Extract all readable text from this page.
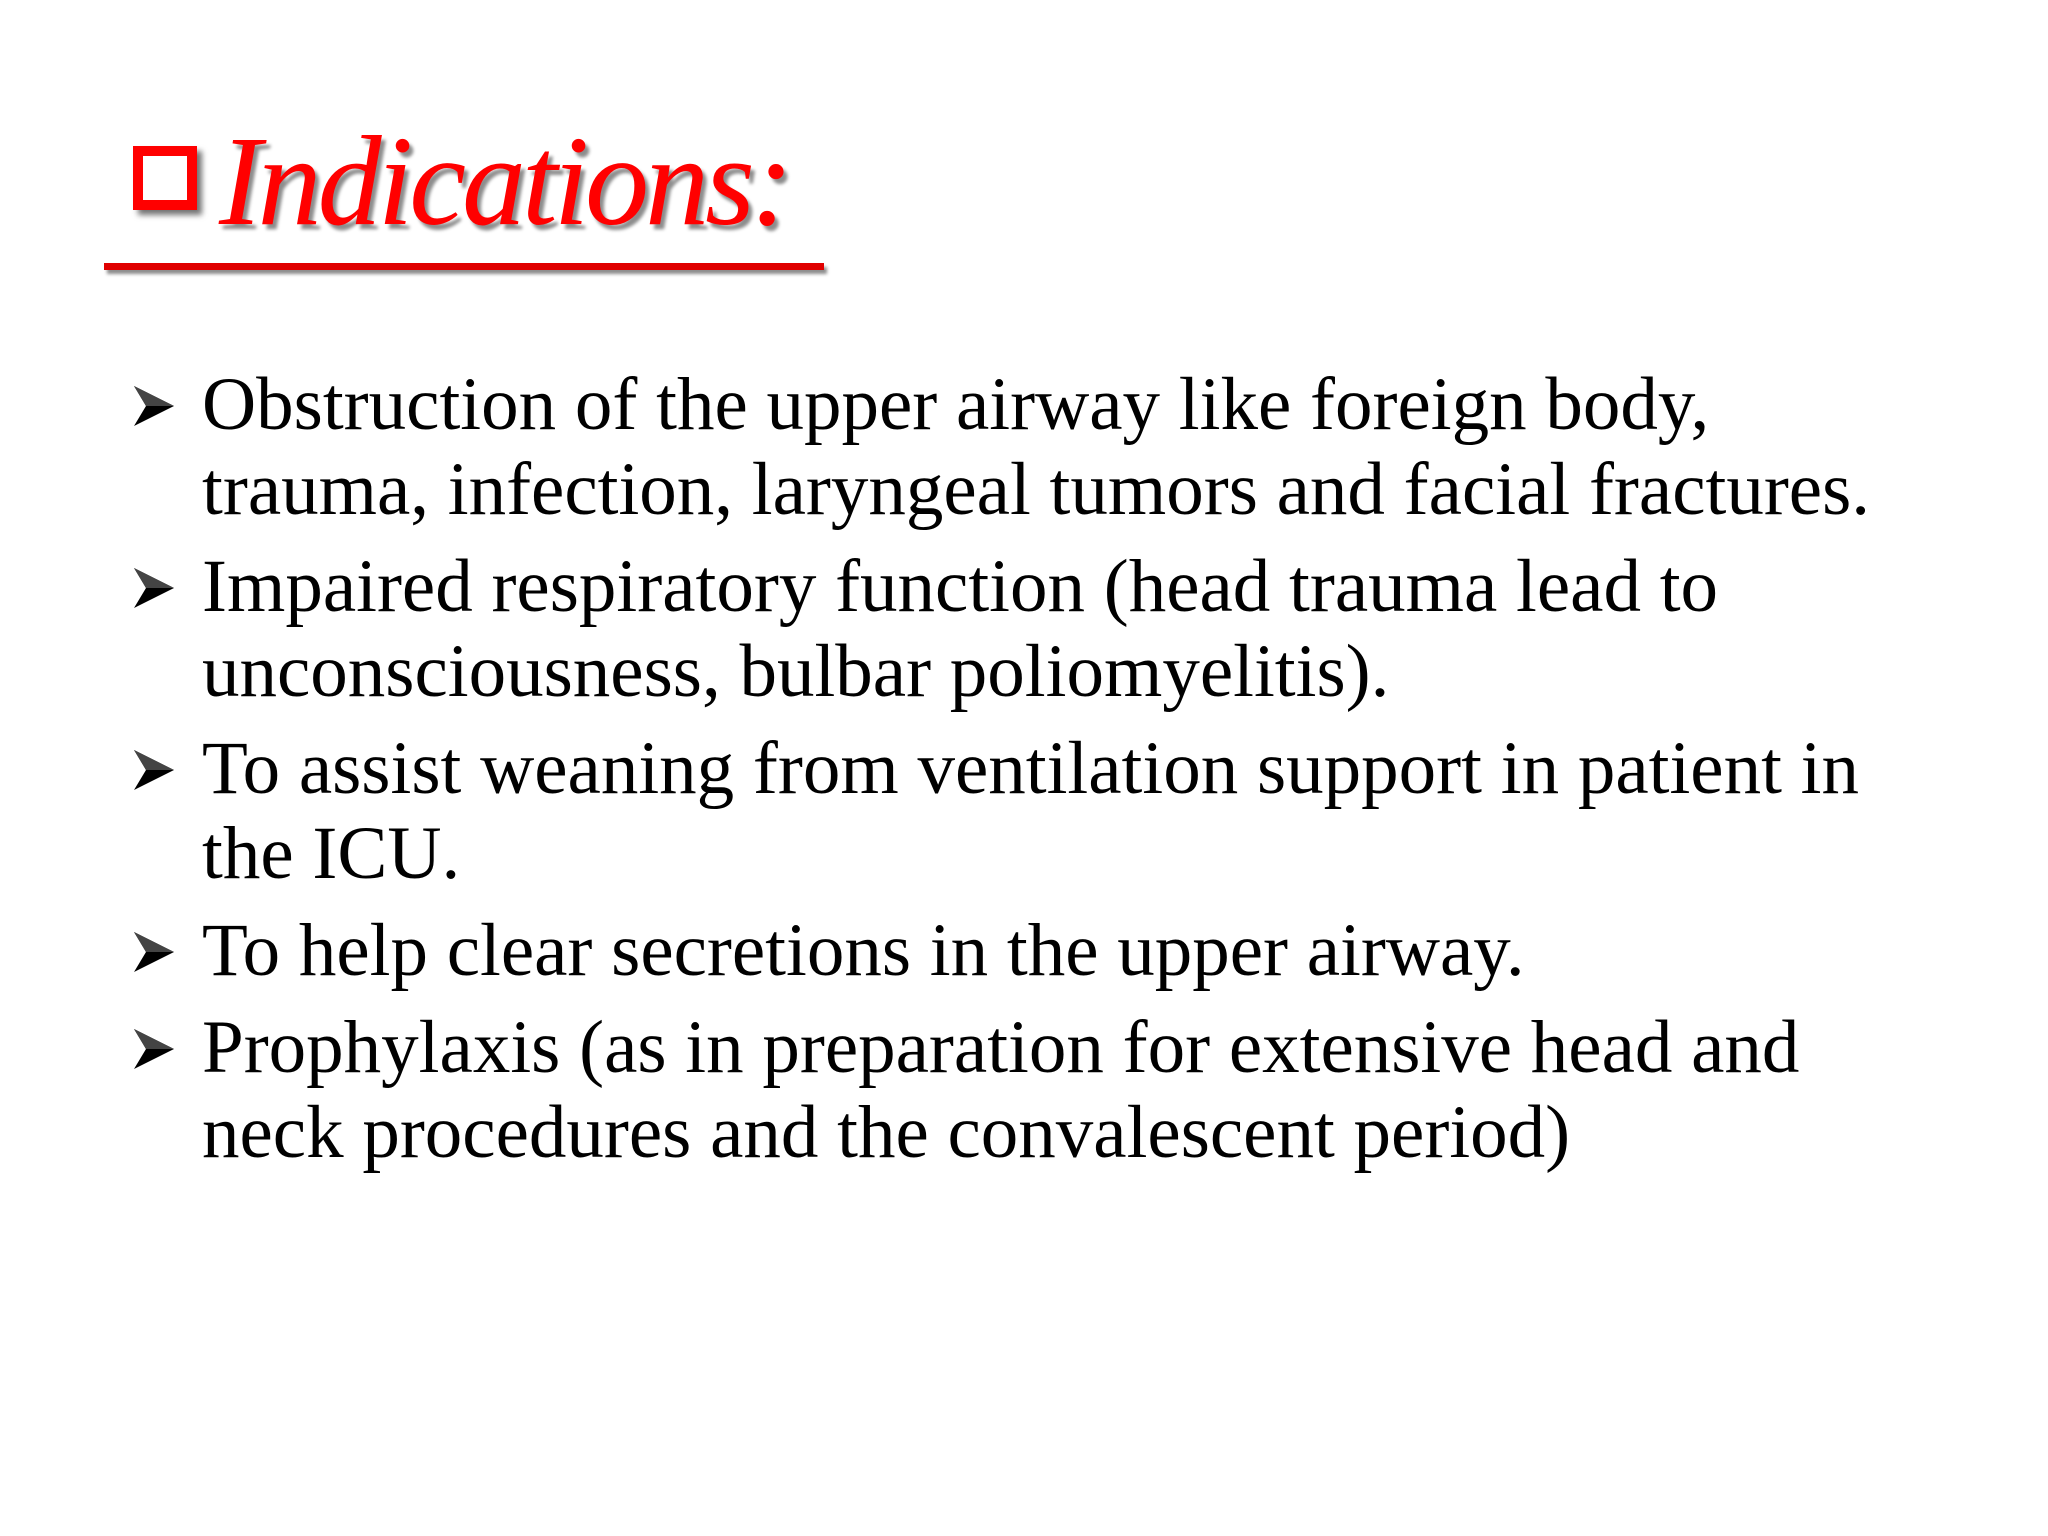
Indications:
Obstruction of the upper airway like foreign body, trauma, infection, laryngeal tumors and facial fractures.
Impaired respiratory function (head trauma lead to unconsciousness, bulbar poliomyelitis).
To assist weaning from ventilation support in patient in the ICU.
To help clear secretions in the upper airway.
Prophylaxis (as in preparation for extensive head and neck procedures and the convalescent period)
